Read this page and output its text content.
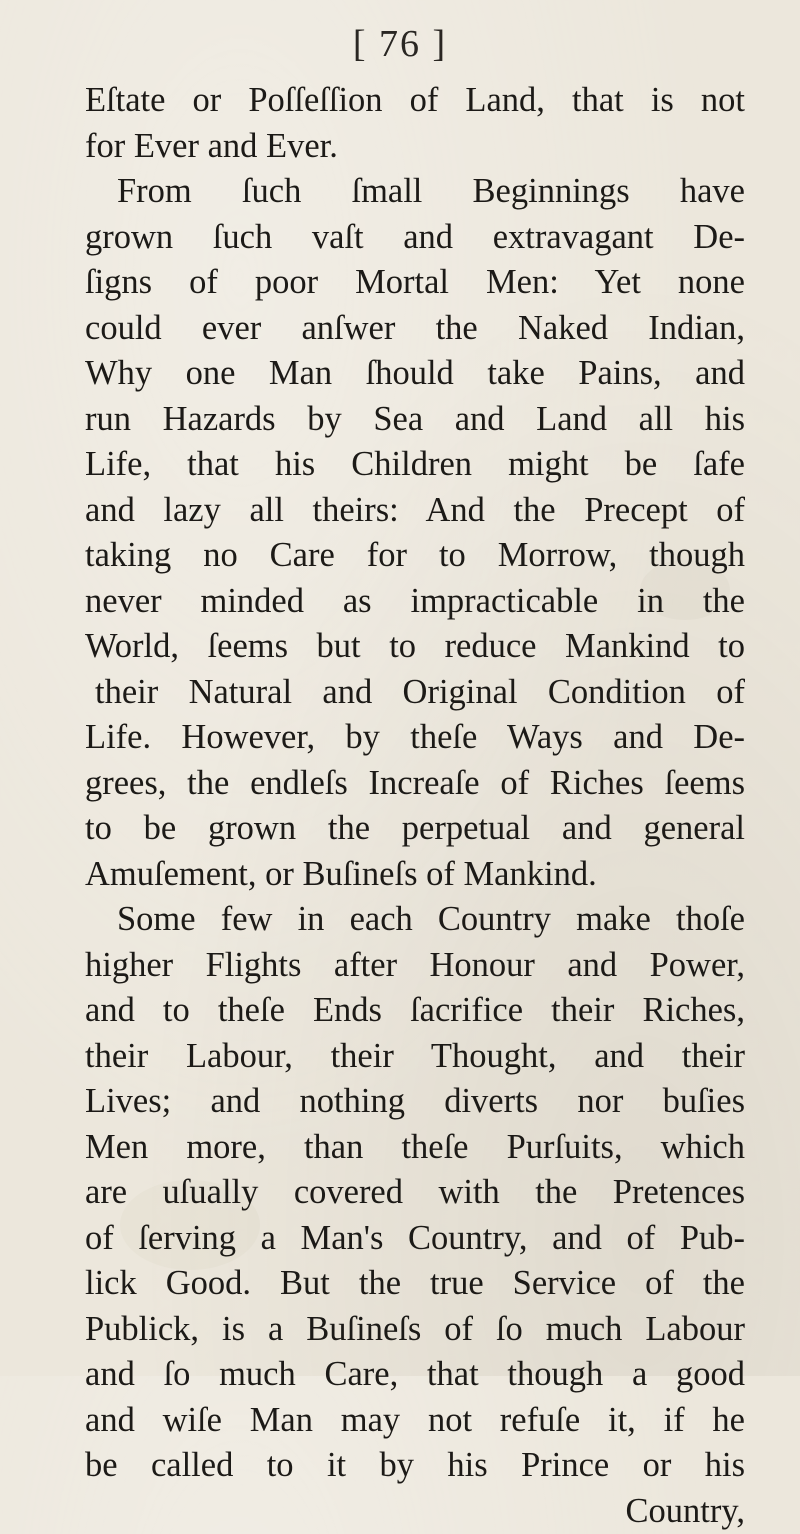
[ 76 ]
Eſtate or Poſſeſſion of Land, that is not
for Ever and Ever.
From ſuch ſmall Beginnings have
grown ſuch vaſt and extravagant De-
ſigns of poor Mortal Men: Yet none
could ever anſwer the Naked Indian,
Why one Man ſhould take Pains, and
run Hazards by Sea and Land all his
Life, that his Children might be ſafe
and lazy all theirs: And the Precept of
taking no Care for to Morrow, though
never minded as impracticable in the
World, ſeems but to reduce Mankind to
their Natural and Original Condition of
Life. However, by theſe Ways and De-
grees, the endleſs Increaſe of Riches ſeems
to be grown the perpetual and general
Amuſement, or Buſineſs of Mankind.
Some few in each Country make thoſe
higher Flights after Honour and Power,
and to theſe Ends ſacrifice their Riches,
their Labour, their Thought, and their
Lives; and nothing diverts nor buſies
Men more, than theſe Purſuits, which
are uſually covered with the Pretences
of ſerving a Man's Country, and of Pub-
lick Good. But the true Service of the
Publick, is a Buſineſs of ſo much Labour
and ſo much Care, that though a good
and wiſe Man may not refuſe it, if he
be called to it by his Prince or his
Country,
